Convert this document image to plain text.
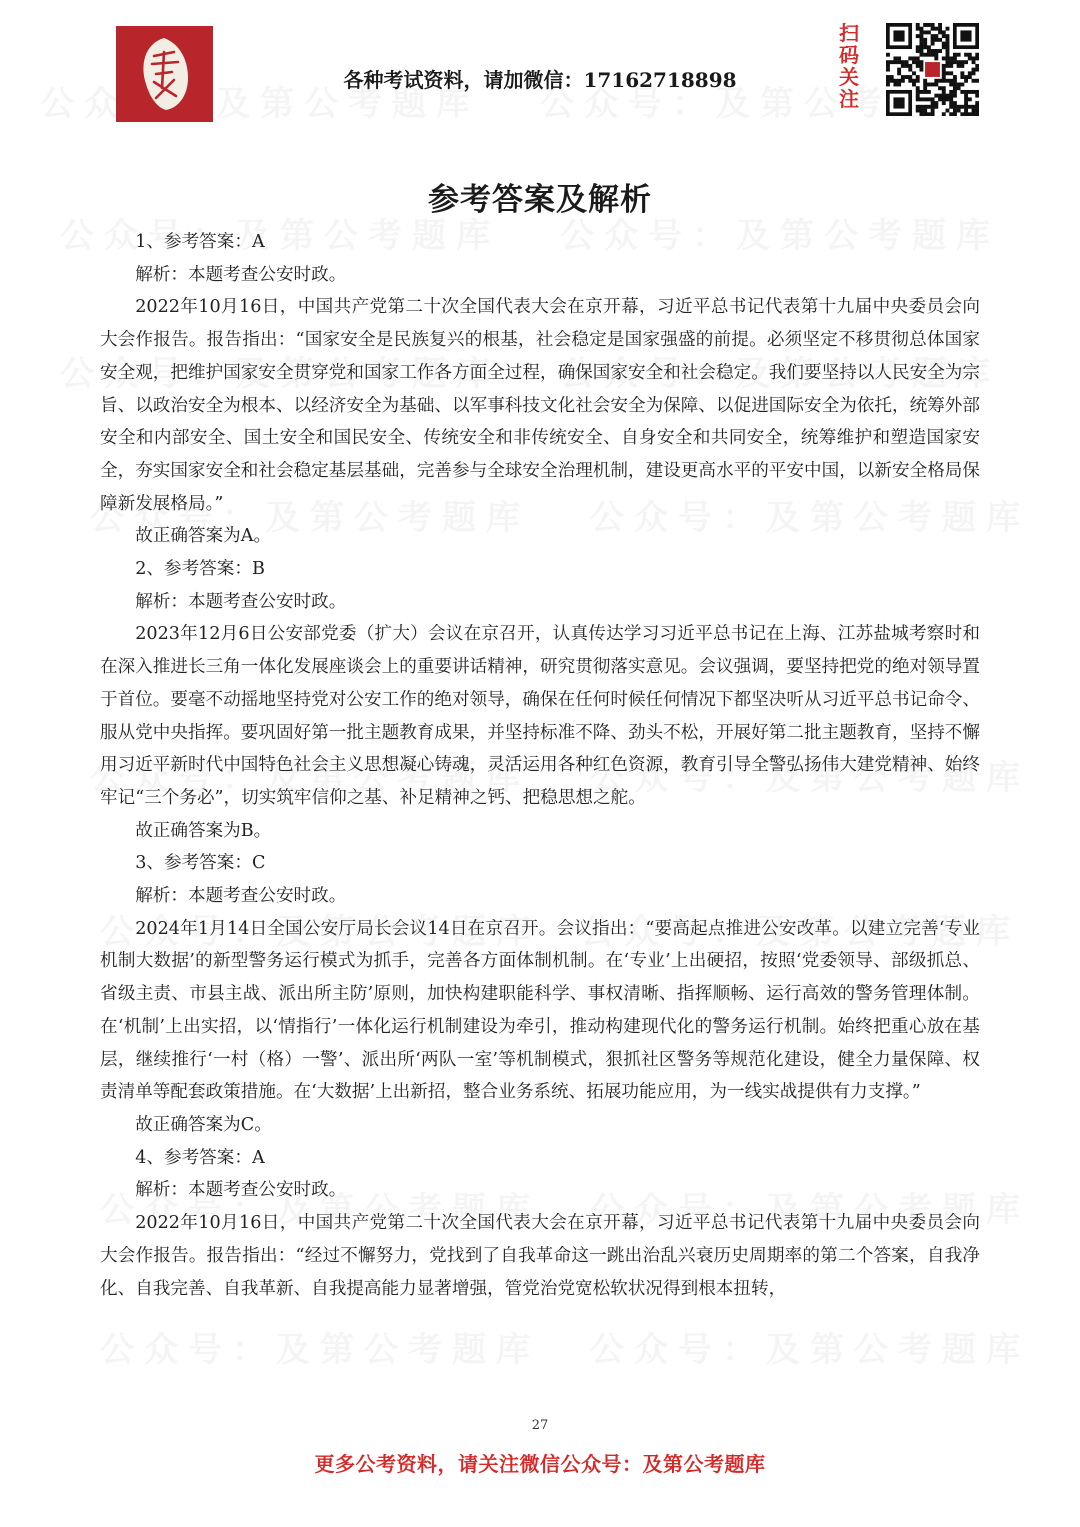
各种考试资料，请加微信：17162718898
扫码关注
参考答案及解析

1、参考答案：A

解析：本题考查公安时政。

2022年10月16日，中国共产党第二十次全国代表大会在京开幕，习近平总书记代表第十九届中央委员会向大会作报告。报告指出：“国家安全是民族复兴的根基，社会稳定是国家强盛的前提。必须坚定不移贯彻总体国家安全观，把维护国家安全贯穿党和国家工作各方面全过程，确保国家安全和社会稳定。我们要坚持以人民安全为宗旨、以政治安全为根本、以经济安全为基础、以军事科技文化社会安全为保障、以促进国际安全为依托，统筹外部安全和内部安全、国土安全和国民安全、传统安全和非传统安全、自身安全和共同安全，统筹维护和塑造国家安全，夯实国家安全和社会稳定基层基础，完善参与全球安全治理机制，建设更高水平的平安中国，以新安全格局保障新发展格局。”

故正确答案为A。

2、参考答案：B

解析：本题考查公安时政。

2023年12月6日公安部党委（扩大）会议在京召开，认真传达学习习近平总书记在上海、江苏盐城考察时和在深入推进长三角一体化发展座谈会上的重要讲话精神，研究贯彻落实意见。会议强调，要坚持把党的绝对领导置于首位。要毫不动摇地坚持党对公安工作的绝对领导，确保在任何时候任何情况下都坚决听从习近平总书记命令、服从党中央指挥。要巩固好第一批主题教育成果，并坚持标准不降、劲头不松，开展好第二批主题教育，坚持不懈用习近平新时代中国特色社会主义思想凝心铸魂，灵活运用各种红色资源，教育引导全警弘扬伟大建党精神、始终牢记“三个务必”，切实筑牢信仰之基、补足精神之钙、把稳思想之舵。

故正确答案为B。

3、参考答案：C

解析：本题考查公安时政。

2024年1月14日全国公安厅局长会议14日在京召开。会议指出：“要高起点推进公安改革。以建立完善‘专业机制大数据’的新型警务运行模式为抓手，完善各方面体制机制。在‘专业’上出硬招，按照‘党委领导、部级抓总、省级主责、市县主战、派出所主防’原则，加快构建职能科学、事权清晰、指挥顺畅、运行高效的警务管理体制。在‘机制’上出实招，以‘情指行’一体化运行机制建设为牵引，推动构建现代化的警务运行机制。始终把重心放在基层，继续推行‘一村（格）一警’、派出所‘两队一室’等机制模式，狠抓社区警务等规范化建设，健全力量保障、权责清单等配套政策措施。在‘大数据’上出新招，整合业务系统、拓展功能应用，为一线实战提供有力支撑。”

故正确答案为C。

4、参考答案：A

解析：本题考查公安时政。

2022年10月16日，中国共产党第二十次全国代表大会在京开幕，习近平总书记代表第十九届中央委员会向大会作报告。报告指出：“经过不懈努力，党找到了自我革命这一跳出治乱兴衰历史周期率的第二个答案，自我净化、自我完善、自我革新、自我提高能力显著增强，管党治党宽松软状况得到根本扭转，

27
更多公考资料，请关注微信公众号：及第公考题库
